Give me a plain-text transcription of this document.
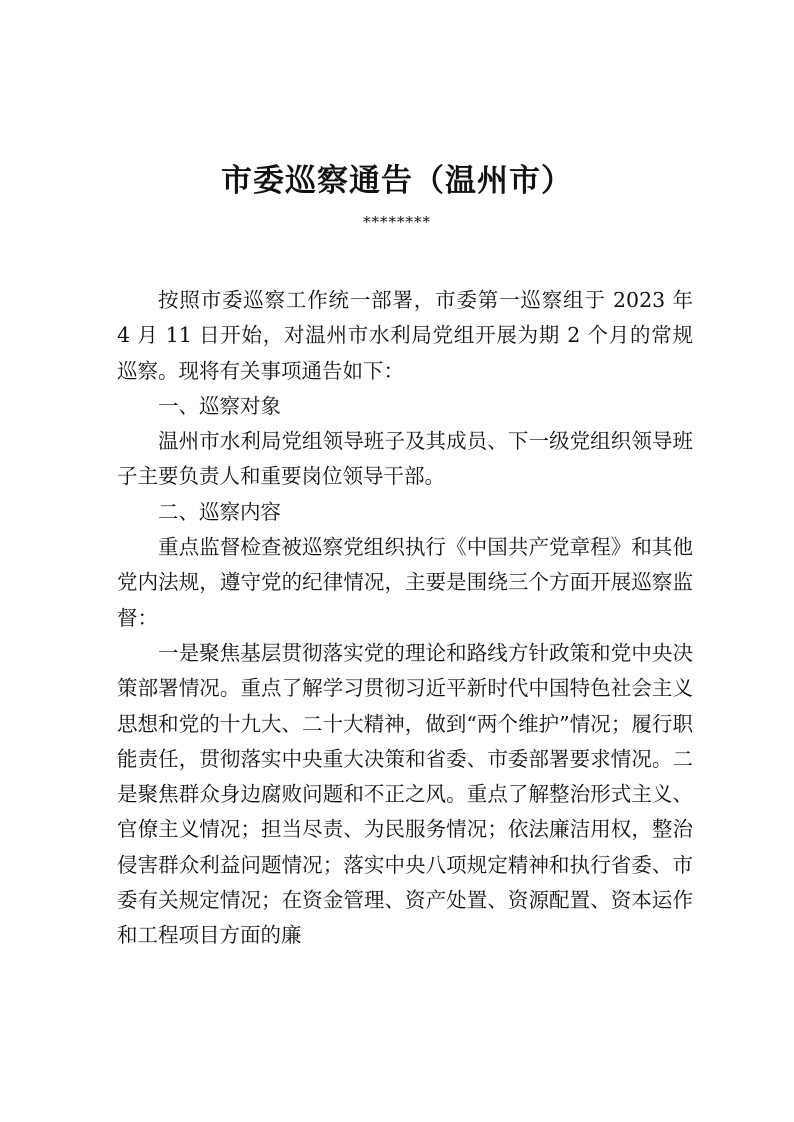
市委巡察通告（温州市）
********

按照市委巡察工作统一部署，市委第一巡察组于 2023 年 4 月 11 日开始，对温州市水利局党组开展为期 2 个月的常规巡察。现将有关事项通告如下：

一、巡察对象

温州市水利局党组领导班子及其成员、下一级党组织领导班子主要负责人和重要岗位领导干部。

二、巡察内容

重点监督检查被巡察党组织执行《中国共产党章程》和其他党内法规，遵守党的纪律情况，主要是围绕三个方面开展巡察监督：

一是聚焦基层贯彻落实党的理论和路线方针政策和党中央决策部署情况。重点了解学习贯彻习近平新时代中国特色社会主义思想和党的十九大、二十大精神，做到“两个维护”情况；履行职能责任，贯彻落实中央重大决策和省委、市委部署要求情况。二是聚焦群众身边腐败问题和不正之风。重点了解整治形式主义、官僚主义情况；担当尽责、为民服务情况；依法廉洁用权，整治侵害群众利益问题情况；落实中央八项规定精神和执行省委、市委有关规定情况；在资金管理、资产处置、资源配置、资本运作和工程项目方面的廉
